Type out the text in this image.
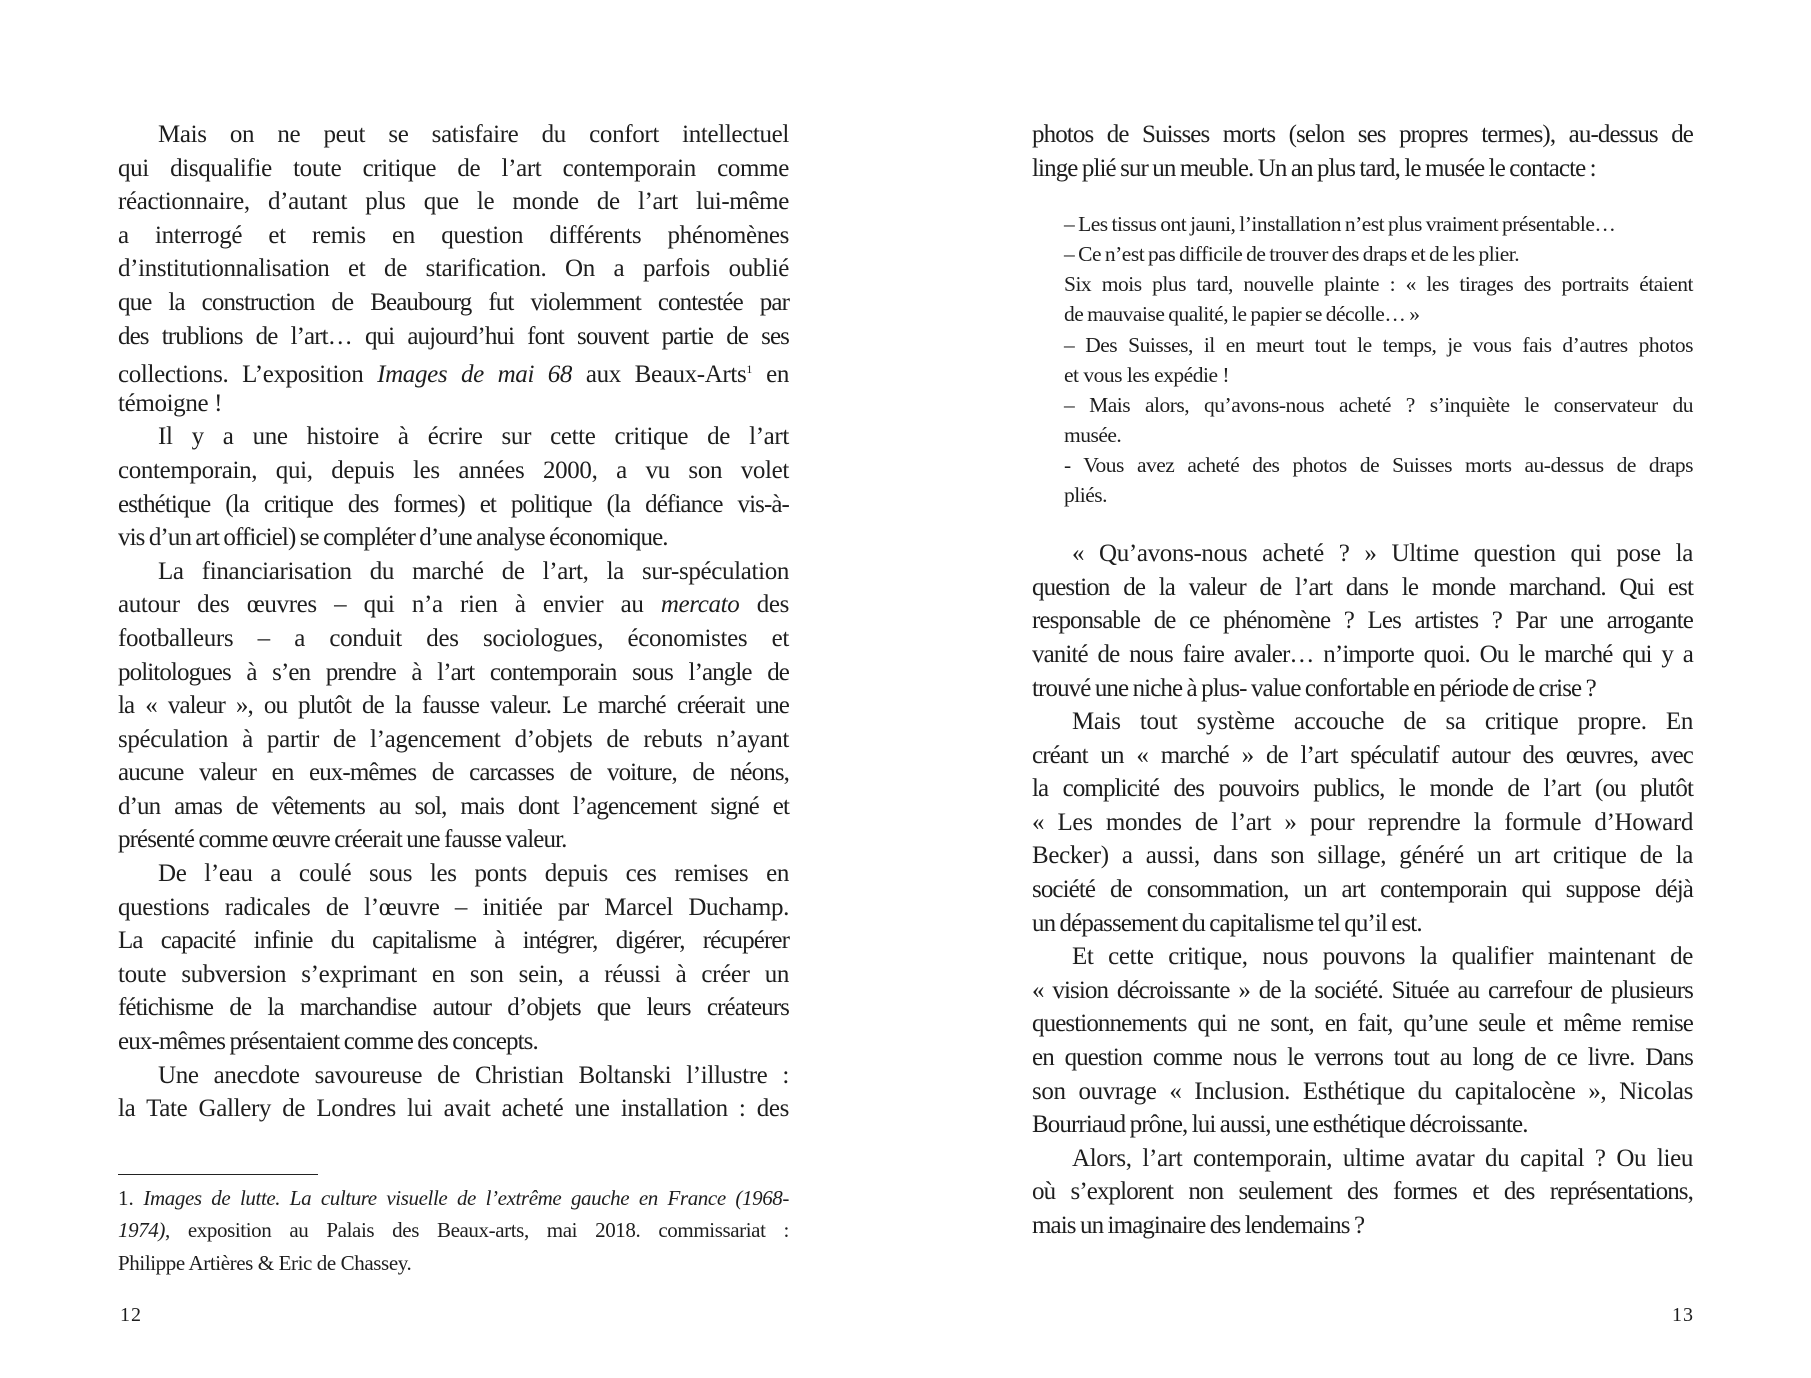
Mais on ne peut se satisfaire du confort intellectuel
qui disqualifie toute critique de l’art contemporain comme
réactionnaire, d’autant plus que le monde de l’art lui-même
a interrogé et remis en question différents phénomènes
d’institutionnalisation et de starification. On a parfois oublié
que la construction de Beaubourg fut violemment contestée par
des trublions de l’art… qui aujourd’hui font souvent partie de ses
collections. L’exposition Images de mai 68 aux Beaux-Arts$^1$ en
témoigne !
Il y a une histoire à écrire sur cette critique de l’art
contemporain, qui, depuis les années 2000, a vu son volet
esthétique (la critique des formes) et politique (la défiance vis-à-
vis d’un art officiel) se compléter d’une analyse économique.
La financiarisation du marché de l’art, la sur-spéculation
autour des œuvres – qui n’a rien à envier au mercato des
footballeurs – a conduit des sociologues, économistes et
politologues à s’en prendre à l’art contemporain sous l’angle de
la « valeur », ou plutôt de la fausse valeur. Le marché créerait une
spéculation à partir de l’agencement d’objets de rebuts n’ayant
aucune valeur en eux-mêmes de carcasses de voiture, de néons,
d’un amas de vêtements au sol, mais dont l’agencement signé et
présenté comme œuvre créerait une fausse valeur.
De l’eau a coulé sous les ponts depuis ces remises en
questions radicales de l’œuvre – initiée par Marcel Duchamp.
La capacité infinie du capitalisme à intégrer, digérer, récupérer
toute subversion s’exprimant en son sein, a réussi à créer un
fétichisme de la marchandise autour d’objets que leurs créateurs
eux-mêmes présentaient comme des concepts.
Une anecdote savoureuse de Christian Boltanski l’illustre :
la Tate Gallery de Londres lui avait acheté une installation : des
1. Images de lutte. La culture visuelle de l’extrême gauche en France (1968-
1974), exposition au Palais des Beaux-arts, mai 2018. commissariat :
Philippe Artières & Eric de Chassey.
12
photos de Suisses morts (selon ses propres termes), au-dessus de
linge plié sur un meuble. Un an plus tard, le musée le contacte :
– Les tissus ont jauni, l’installation n’est plus vraiment présentable…
– Ce n’est pas difficile de trouver des draps et de les plier.
Six mois plus tard, nouvelle plainte : « les tirages des portraits étaient
de mauvaise qualité, le papier se décolle… »
– Des Suisses, il en meurt tout le temps, je vous fais d’autres photos
et vous les expédie !
– Mais alors, qu’avons-nous acheté ? s’inquiète le conservateur du
musée.
- Vous avez acheté des photos de Suisses morts au-dessus de draps
pliés.
« Qu’avons-nous acheté ? » Ultime question qui pose la
question de la valeur de l’art dans le monde marchand. Qui est
responsable de ce phénomène ? Les artistes ? Par une arrogante
vanité de nous faire avaler… n’importe quoi. Ou le marché qui y a
trouvé une niche à plus- value confortable en période de crise ?
Mais tout système accouche de sa critique propre. En
créant un « marché » de l’art spéculatif autour des œuvres, avec
la complicité des pouvoirs publics, le monde de l’art (ou plutôt
« Les mondes de l’art » pour reprendre la formule d’Howard
Becker) a aussi, dans son sillage, généré un art critique de la
société de consommation, un art contemporain qui suppose déjà
un dépassement du capitalisme tel qu’il est.
Et cette critique, nous pouvons la qualifier maintenant de
« vision décroissante » de la société. Située au carrefour de plusieurs
questionnements qui ne sont, en fait, qu’une seule et même remise
en question comme nous le verrons tout au long de ce livre. Dans
son ouvrage « Inclusion. Esthétique du capitalocène », Nicolas
Bourriaud prône, lui aussi, une esthétique décroissante.
Alors, l’art contemporain, ultime avatar du capital ? Ou lieu
où s’explorent non seulement des formes et des représentations,
mais un imaginaire des lendemains ?
13
